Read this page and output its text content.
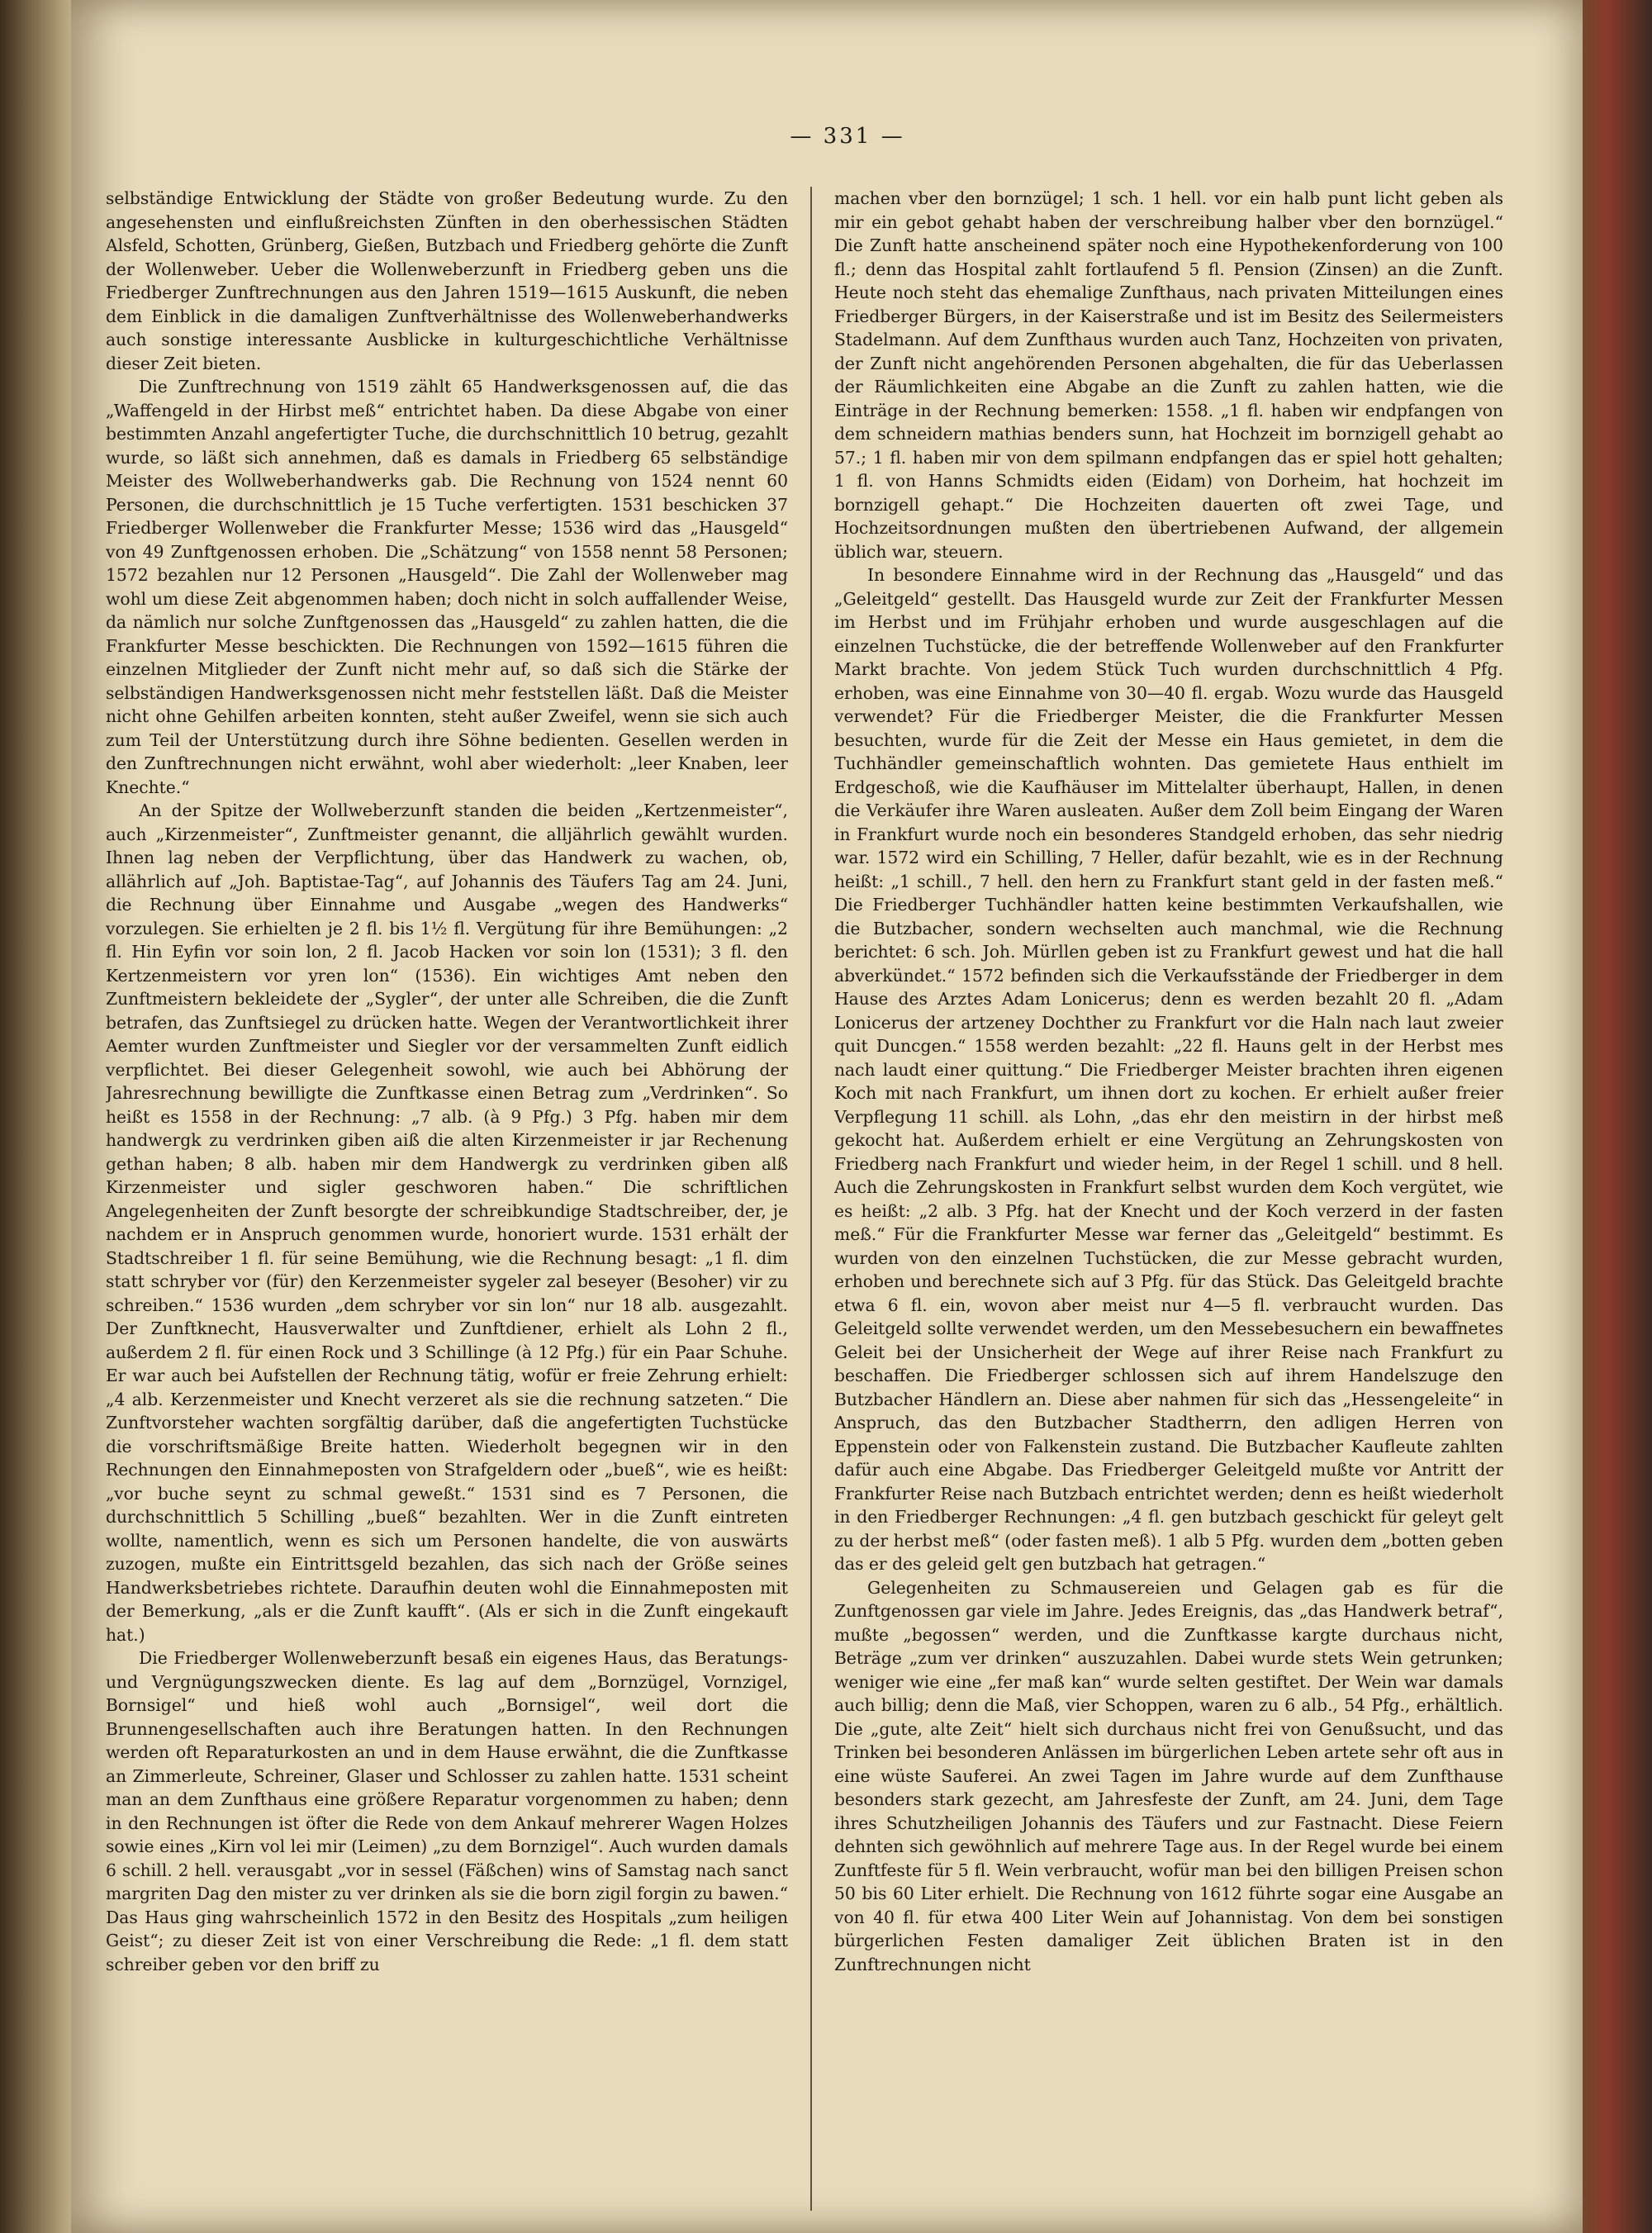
— 331 —

selbständige Entwicklung der Städte von großer Bedeutung wurde. Zu den angesehensten und einflußreichsten Zünften in den oberhessischen Städten Alsfeld, Schotten, Grünberg, Gießen, Butzbach und Friedberg gehörte die Zunft der Wollenweber. Ueber die Wollenweberzunft in Friedberg geben uns die Friedberger Zunftrechnungen aus den Jahren 1519—1615 Auskunft, die neben dem Einblick in die damaligen Zunftverhältnisse des Wollenweberhandwerks auch sonstige interessante Ausblicke in kulturgeschichtliche Verhältnisse dieser Zeit bieten.

Die Zunftrechnung von 1519 zählt 65 Handwerksgenossen auf, die das „Waffengeld in der Hirbst meß“ entrichtet haben. Da diese Abgabe von einer bestimmten Anzahl angefertigter Tuche, die durchschnittlich 10 betrug, gezahlt wurde, so läßt sich annehmen, daß es damals in Friedberg 65 selbständige Meister des Wollweberhandwerks gab. Die Rechnung von 1524 nennt 60 Personen, die durchschnittlich je 15 Tuche verfertigten. 1531 beschicken 37 Friedberger Wollenweber die Frankfurter Messe; 1536 wird das „Hausgeld“ von 49 Zunftgenossen erhoben. Die „Schätzung“ von 1558 nennt 58 Personen; 1572 bezahlen nur 12 Personen „Hausgeld“. Die Zahl der Wollenweber mag wohl um diese Zeit abgenommen haben; doch nicht in solch auffallender Weise, da nämlich nur solche Zunftgenossen das „Hausgeld“ zu zahlen hatten, die die Frankfurter Messe beschickten. Die Rechnungen von 1592—1615 führen die einzelnen Mitglieder der Zunft nicht mehr auf, so daß sich die Stärke der selbständigen Handwerksgenossen nicht mehr feststellen läßt. Daß die Meister nicht ohne Gehilfen arbeiten konnten, steht außer Zweifel, wenn sie sich auch zum Teil der Unterstützung durch ihre Söhne bedienten. Gesellen werden in den Zunftrechnungen nicht erwähnt, wohl aber wiederholt: „leer Knaben, leer Knechte.“

An der Spitze der Wollweberzunft standen die beiden „Kertzenmeister“, auch „Kirzenmeister“, Zunftmeister genannt, die alljährlich gewählt wurden. Ihnen lag neben der Verpflichtung, über das Handwerk zu wachen, ob, allährlich auf „Joh. Baptistae-Tag“, auf Johannis des Täufers Tag am 24. Juni, die Rechnung über Einnahme und Ausgabe „wegen des Handwerks“ vorzulegen. Sie erhielten je 2 fl. bis 1½ fl. Vergütung für ihre Bemühungen: „2 fl. Hin Eyfin vor soin lon, 2 fl. Jacob Hacken vor soin lon (1531); 3 fl. den Kertzenmeistern vor yren lon“ (1536). Ein wichtiges Amt neben den Zunftmeistern bekleidete der „Sygler“, der unter alle Schreiben, die die Zunft betrafen, das Zunftsiegel zu drücken hatte. Wegen der Verantwortlichkeit ihrer Aemter wurden Zunftmeister und Siegler vor der versammelten Zunft eidlich verpflichtet. Bei dieser Gelegenheit sowohl, wie auch bei Abhörung der Jahresrechnung bewilligte die Zunftkasse einen Betrag zum „Verdrinken“. So heißt es 1558 in der Rechnung: „7 alb. (à 9 Pfg.) 3 Pfg. haben mir dem handwergk zu verdrinken giben aiß die alten Kirzenmeister ir jar Rechenung gethan haben; 8 alb. haben mir dem Handwergk zu verdrinken giben alß Kirzenmeister und sigler geschworen haben.“ Die schriftlichen Angelegenheiten der Zunft besorgte der schreibkundige Stadtschreiber, der, je nachdem er in Anspruch genommen wurde, honoriert wurde. 1531 erhält der Stadtschreiber 1 fl. für seine Bemühung, wie die Rechnung besagt: „1 fl. dim statt schryber vor (für) den Kerzenmeister sygeler zal beseyer (Besoher) vir zu schreiben.“ 1536 wurden „dem schryber vor sin lon“ nur 18 alb. ausgezahlt. Der Zunftknecht, Hausverwalter und Zunftdiener, erhielt als Lohn 2 fl., außerdem 2 fl. für einen Rock und 3 Schillinge (à 12 Pfg.) für ein Paar Schuhe. Er war auch bei Aufstellen der Rechnung tätig, wofür er freie Zehrung erhielt: „4 alb. Kerzenmeister und Knecht verzeret als sie die rechnung satzeten.“ Die Zunftvorsteher wachten sorgfältig darüber, daß die angefertigten Tuchstücke die vorschriftsmäßige Breite hatten. Wiederholt begegnen wir in den Rechnungen den Einnahmeposten von Strafgeldern oder „bueß“, wie es heißt: „vor buche seynt zu schmal geweßt.“ 1531 sind es 7 Personen, die durchschnittlich 5 Schilling „bueß“ bezahlten. Wer in die Zunft eintreten wollte, namentlich, wenn es sich um Personen handelte, die von auswärts zuzogen, mußte ein Eintrittsgeld bezahlen, das sich nach der Größe seines Handwerksbetriebes richtete. Daraufhin deuten wohl die Einnahmeposten mit der Bemerkung, „als er die Zunft kaufft“. (Als er sich in die Zunft eingekauft hat.)

Die Friedberger Wollenweberzunft besaß ein eigenes Haus, das Beratungs- und Vergnügungszwecken diente. Es lag auf dem „Bornzügel, Vornzigel, Bornsigel“ und hieß wohl auch „Bornsigel“, weil dort die Brunnengesellschaften auch ihre Beratungen hatten. In den Rechnungen werden oft Reparaturkosten an und in dem Hause erwähnt, die die Zunftkasse an Zimmerleute, Schreiner, Glaser und Schlosser zu zahlen hatte. 1531 scheint man an dem Zunfthaus eine größere Reparatur vorgenommen zu haben; denn in den Rechnungen ist öfter die Rede von dem Ankauf mehrerer Wagen Holzes sowie eines „Kirn vol lei mir (Leimen) „zu dem Bornzigel“. Auch wurden damals 6 schill. 2 hell. verausgabt „vor in sessel (Fäßchen) wins of Samstag nach sanct margriten Dag den mister zu ver drinken als sie die born zigil forgin zu bawen.“ Das Haus ging wahrscheinlich 1572 in den Besitz des Hospitals „zum heiligen Geist“; zu dieser Zeit ist von einer Verschreibung die Rede: „1 fl. dem statt schreiber geben vor den briff zu

machen vber den bornzügel; 1 sch. 1 hell. vor ein halb punt licht geben als mir ein gebot gehabt haben der verschreibung halber vber den bornzügel.“ Die Zunft hatte anscheinend später noch eine Hypothekenforderung von 100 fl.; denn das Hospital zahlt fortlaufend 5 fl. Pension (Zinsen) an die Zunft. Heute noch steht das ehemalige Zunfthaus, nach privaten Mitteilungen eines Friedberger Bürgers, in der Kaiserstraße und ist im Besitz des Seilermeisters Stadelmann. Auf dem Zunfthaus wurden auch Tanz, Hochzeiten von privaten, der Zunft nicht angehörenden Personen abgehalten, die für das Ueberlassen der Räumlichkeiten eine Abgabe an die Zunft zu zahlen hatten, wie die Einträge in der Rechnung bemerken: 1558. „1 fl. haben wir endpfangen von dem schneidern mathias benders sunn, hat Hochzeit im bornzigell gehabt ao 57.; 1 fl. haben mir von dem spilmann endpfangen das er spiel hott gehalten; 1 fl. von Hanns Schmidts eiden (Eidam) von Dorheim, hat hochzeit im bornzigell gehapt.“ Die Hochzeiten dauerten oft zwei Tage, und Hochzeitsordnungen mußten den übertriebenen Aufwand, der allgemein üblich war, steuern.

In besondere Einnahme wird in der Rechnung das „Hausgeld“ und das „Geleitgeld“ gestellt. Das Hausgeld wurde zur Zeit der Frankfurter Messen im Herbst und im Frühjahr erhoben und wurde ausgeschlagen auf die einzelnen Tuchstücke, die der betreffende Wollenweber auf den Frankfurter Markt brachte. Von jedem Stück Tuch wurden durchschnittlich 4 Pfg. erhoben, was eine Einnahme von 30—40 fl. ergab. Wozu wurde das Hausgeld verwendet? Für die Friedberger Meister, die die Frankfurter Messen besuchten, wurde für die Zeit der Messe ein Haus gemietet, in dem die Tuchhändler gemeinschaftlich wohnten. Das gemietete Haus enthielt im Erdgeschoß, wie die Kaufhäuser im Mittelalter überhaupt, Hallen, in denen die Verkäufer ihre Waren ausleaten. Außer dem Zoll beim Eingang der Waren in Frankfurt wurde noch ein besonderes Standgeld erhoben, das sehr niedrig war. 1572 wird ein Schilling, 7 Heller, dafür bezahlt, wie es in der Rechnung heißt: „1 schill., 7 hell. den hern zu Frankfurt stant geld in der fasten meß.“ Die Friedberger Tuchhändler hatten keine bestimmten Verkaufshallen, wie die Butzbacher, sondern wechselten auch manchmal, wie die Rechnung berichtet: 6 sch. Joh. Mürllen geben ist zu Frankfurt gewest und hat die hall abverkündet.“ 1572 befinden sich die Verkaufsstände der Friedberger in dem Hause des Arztes Adam Lonicerus; denn es werden bezahlt 20 fl. „Adam Lonicerus der artzeney Dochther zu Frankfurt vor die Haln nach laut zweier quit Duncgen.“ 1558 werden bezahlt: „22 fl. Hauns gelt in der Herbst mes nach laudt einer quittung.“ Die Friedberger Meister brachten ihren eigenen Koch mit nach Frankfurt, um ihnen dort zu kochen. Er erhielt außer freier Verpflegung 11 schill. als Lohn, „das ehr den meistirn in der hirbst meß gekocht hat. Außerdem erhielt er eine Vergütung an Zehrungskosten von Friedberg nach Frankfurt und wieder heim, in der Regel 1 schill. und 8 hell. Auch die Zehrungskosten in Frankfurt selbst wurden dem Koch vergütet, wie es heißt: „2 alb. 3 Pfg. hat der Knecht und der Koch verzerd in der fasten meß.“ Für die Frankfurter Messe war ferner das „Geleitgeld“ bestimmt. Es wurden von den einzelnen Tuchstücken, die zur Messe gebracht wurden, erhoben und berechnete sich auf 3 Pfg. für das Stück. Das Geleitgeld brachte etwa 6 fl. ein, wovon aber meist nur 4—5 fl. verbraucht wurden. Das Geleitgeld sollte verwendet werden, um den Messebesuchern ein bewaffnetes Geleit bei der Unsicherheit der Wege auf ihrer Reise nach Frankfurt zu beschaffen. Die Friedberger schlossen sich auf ihrem Handelszuge den Butzbacher Händlern an. Diese aber nahmen für sich das „Hessengeleite“ in Anspruch, das den Butzbacher Stadtherrn, den adligen Herren von Eppenstein oder von Falkenstein zustand. Die Butzbacher Kaufleute zahlten dafür auch eine Abgabe. Das Friedberger Geleitgeld mußte vor Antritt der Frankfurter Reise nach Butzbach entrichtet werden; denn es heißt wiederholt in den Friedberger Rechnungen: „4 fl. gen butzbach geschickt für geleyt gelt zu der herbst meß“ (oder fasten meß). 1 alb 5 Pfg. wurden dem „botten geben das er des geleid gelt gen butzbach hat getragen.“

Gelegenheiten zu Schmausereien und Gelagen gab es für die Zunftgenossen gar viele im Jahre. Jedes Ereignis, das „das Handwerk betraf“, mußte „begossen“ werden, und die Zunftkasse kargte durchaus nicht, Beträge „zum ver drinken“ auszuzahlen. Dabei wurde stets Wein getrunken; weniger wie eine „fer maß kan“ wurde selten gestiftet. Der Wein war damals auch billig; denn die Maß, vier Schoppen, waren zu 6 alb., 54 Pfg., erhältlich. Die „gute, alte Zeit“ hielt sich durchaus nicht frei von Genußsucht, und das Trinken bei besonderen Anlässen im bürgerlichen Leben artete sehr oft aus in eine wüste Sauferei. An zwei Tagen im Jahre wurde auf dem Zunfthause besonders stark gezecht, am Jahresfeste der Zunft, am 24. Juni, dem Tage ihres Schutzheiligen Johannis des Täufers und zur Fastnacht. Diese Feiern dehnten sich gewöhnlich auf mehrere Tage aus. In der Regel wurde bei einem Zunftfeste für 5 fl. Wein verbraucht, wofür man bei den billigen Preisen schon 50 bis 60 Liter erhielt. Die Rechnung von 1612 führte sogar eine Ausgabe an von 40 fl. für etwa 400 Liter Wein auf Johannistag. Von dem bei sonstigen bürgerlichen Festen damaliger Zeit üblichen Braten ist in den Zunftrechnungen nicht
